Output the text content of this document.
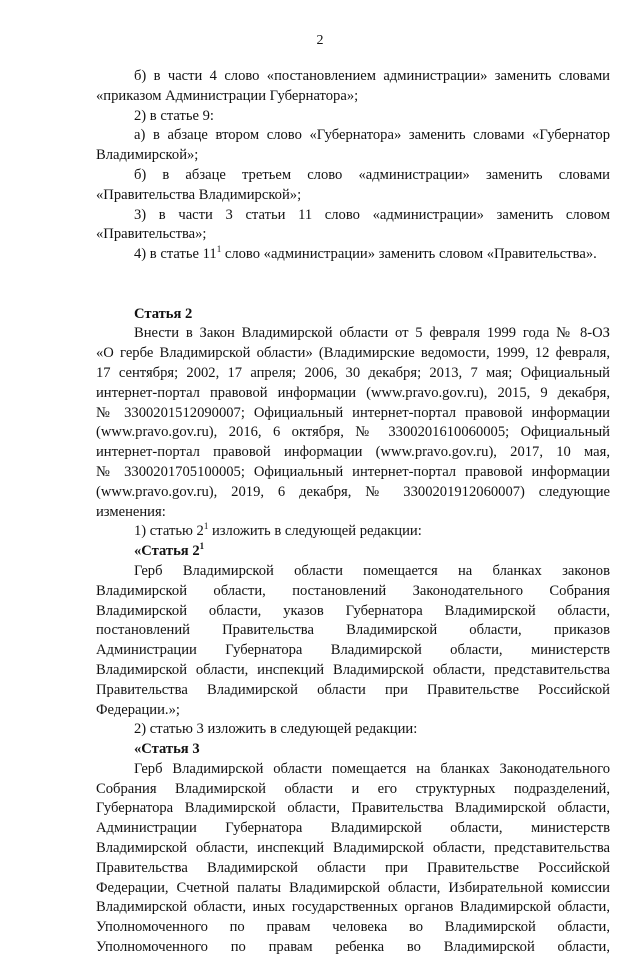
2
б) в части 4 слово «постановлением администрации» заменить словами
«приказом Администрации Губернатора»;
2) в статье 9:
а) в абзаце втором слово «Губернатора» заменить словами «Губернатор
Владимирской»;
б) в абзаце третьем слово «администрации» заменить словами
«Правительства Владимирской»;
3) в части 3 статьи 11 слово «администрации» заменить словом
«Правительства»;
4) в статье $11^1$ слово «администрации» заменить словом «Правительства».
Статья 2
Внести в Закон Владимирской области от 5 февраля 1999 года № 8-ОЗ
«О гербе Владимирской области» (Владимирские ведомости, 1999, 12 февраля,
17 сентября; 2002, 17 апреля; 2006, 30 декабря; 2013, 7 мая; Официальный
интернет-портал правовой информации (www.pravo.gov.ru), 2015, 9 декабря,
№ 3300201512090007; Официальный интернет-портал правовой информации
(www.pravo.gov.ru), 2016, 6 октября, № 3300201610060005; Официальный
интернет-портал правовой информации (www.pravo.gov.ru), 2017, 10 мая,
№ 3300201705100005; Официальный интернет-портал правовой информации
(www.pravo.gov.ru), 2019, 6 декабря, № 3300201912060007) следующие
изменения:
1) статью $2^1$ изложить в следующей редакции:
«Статья $2^1$
Герб Владимирской области помещается на бланках законов
Владимирской области, постановлений Законодательного Собрания
Владимирской области, указов Губернатора Владимирской области,
постановлений Правительства Владимирской области, приказов
Администрации Губернатора Владимирской области, министерств
Владимирской области, инспекций Владимирской области, представительства
Правительства Владимирской области при Правительстве Российской
Федерации.»;
2) статью 3 изложить в следующей редакции:
«Статья 3
Герб Владимирской области помещается на бланках Законодательного
Собрания Владимирской области и его структурных подразделений,
Губернатора Владимирской области, Правительства Владимирской области,
Администрации Губернатора Владимирской области, министерств
Владимирской области, инспекций Владимирской области, представительства
Правительства Владимирской области при Правительстве Российской
Федерации, Счетной палаты Владимирской области, Избирательной комиссии
Владимирской области, иных государственных органов Владимирской области,
Уполномоченного по правам человека во Владимирской области,
Уполномоченного по правам ребенка во Владимирской области,
